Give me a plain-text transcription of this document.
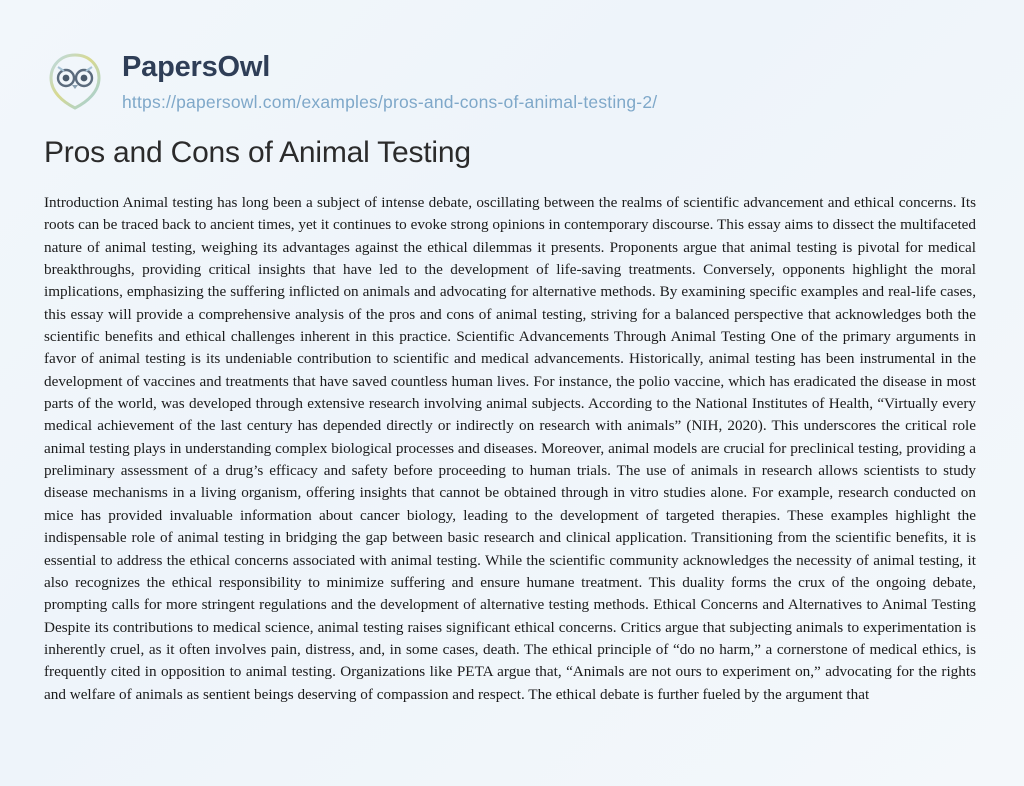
PapersOwl
https://papersowl.com/examples/pros-and-cons-of-animal-testing-2/
Pros and Cons of Animal Testing

Introduction Animal testing has long been a subject of intense debate, oscillating between the realms of scientific advancement and ethical concerns. Its roots can be traced back to ancient times, yet it continues to evoke strong opinions in contemporary discourse. This essay aims to dissect the multifaceted nature of animal testing, weighing its advantages against the ethical dilemmas it presents. Proponents argue that animal testing is pivotal for medical breakthroughs, providing critical insights that have led to the development of life-saving treatments. Conversely, opponents highlight the moral implications, emphasizing the suffering inflicted on animals and advocating for alternative methods. By examining specific examples and real-life cases, this essay will provide a comprehensive analysis of the pros and cons of animal testing, striving for a balanced perspective that acknowledges both the scientific benefits and ethical challenges inherent in this practice. Scientific Advancements Through Animal Testing One of the primary arguments in favor of animal testing is its undeniable contribution to scientific and medical advancements. Historically, animal testing has been instrumental in the development of vaccines and treatments that have saved countless human lives. For instance, the polio vaccine, which has eradicated the disease in most parts of the world, was developed through extensive research involving animal subjects. According to the National Institutes of Health, “Virtually every medical achievement of the last century has depended directly or indirectly on research with animals” (NIH, 2020). This underscores the critical role animal testing plays in understanding complex biological processes and diseases. Moreover, animal models are crucial for preclinical testing, providing a preliminary assessment of a drug’s efficacy and safety before proceeding to human trials. The use of animals in research allows scientists to study disease mechanisms in a living organism, offering insights that cannot be obtained through in vitro studies alone. For example, research conducted on mice has provided invaluable information about cancer biology, leading to the development of targeted therapies. These examples highlight the indispensable role of animal testing in bridging the gap between basic research and clinical application. Transitioning from the scientific benefits, it is essential to address the ethical concerns associated with animal testing. While the scientific community acknowledges the necessity of animal testing, it also recognizes the ethical responsibility to minimize suffering and ensure humane treatment. This duality forms the crux of the ongoing debate, prompting calls for more stringent regulations and the development of alternative testing methods. Ethical Concerns and Alternatives to Animal Testing Despite its contributions to medical science, animal testing raises significant ethical concerns. Critics argue that subjecting animals to experimentation is inherently cruel, as it often involves pain, distress, and, in some cases, death. The ethical principle of “do no harm,” a cornerstone of medical ethics, is frequently cited in opposition to animal testing. Organizations like PETA argue that, “Animals are not ours to experiment on,” advocating for the rights and welfare of animals as sentient beings deserving of compassion and respect. The ethical debate is further fueled by the argument that
